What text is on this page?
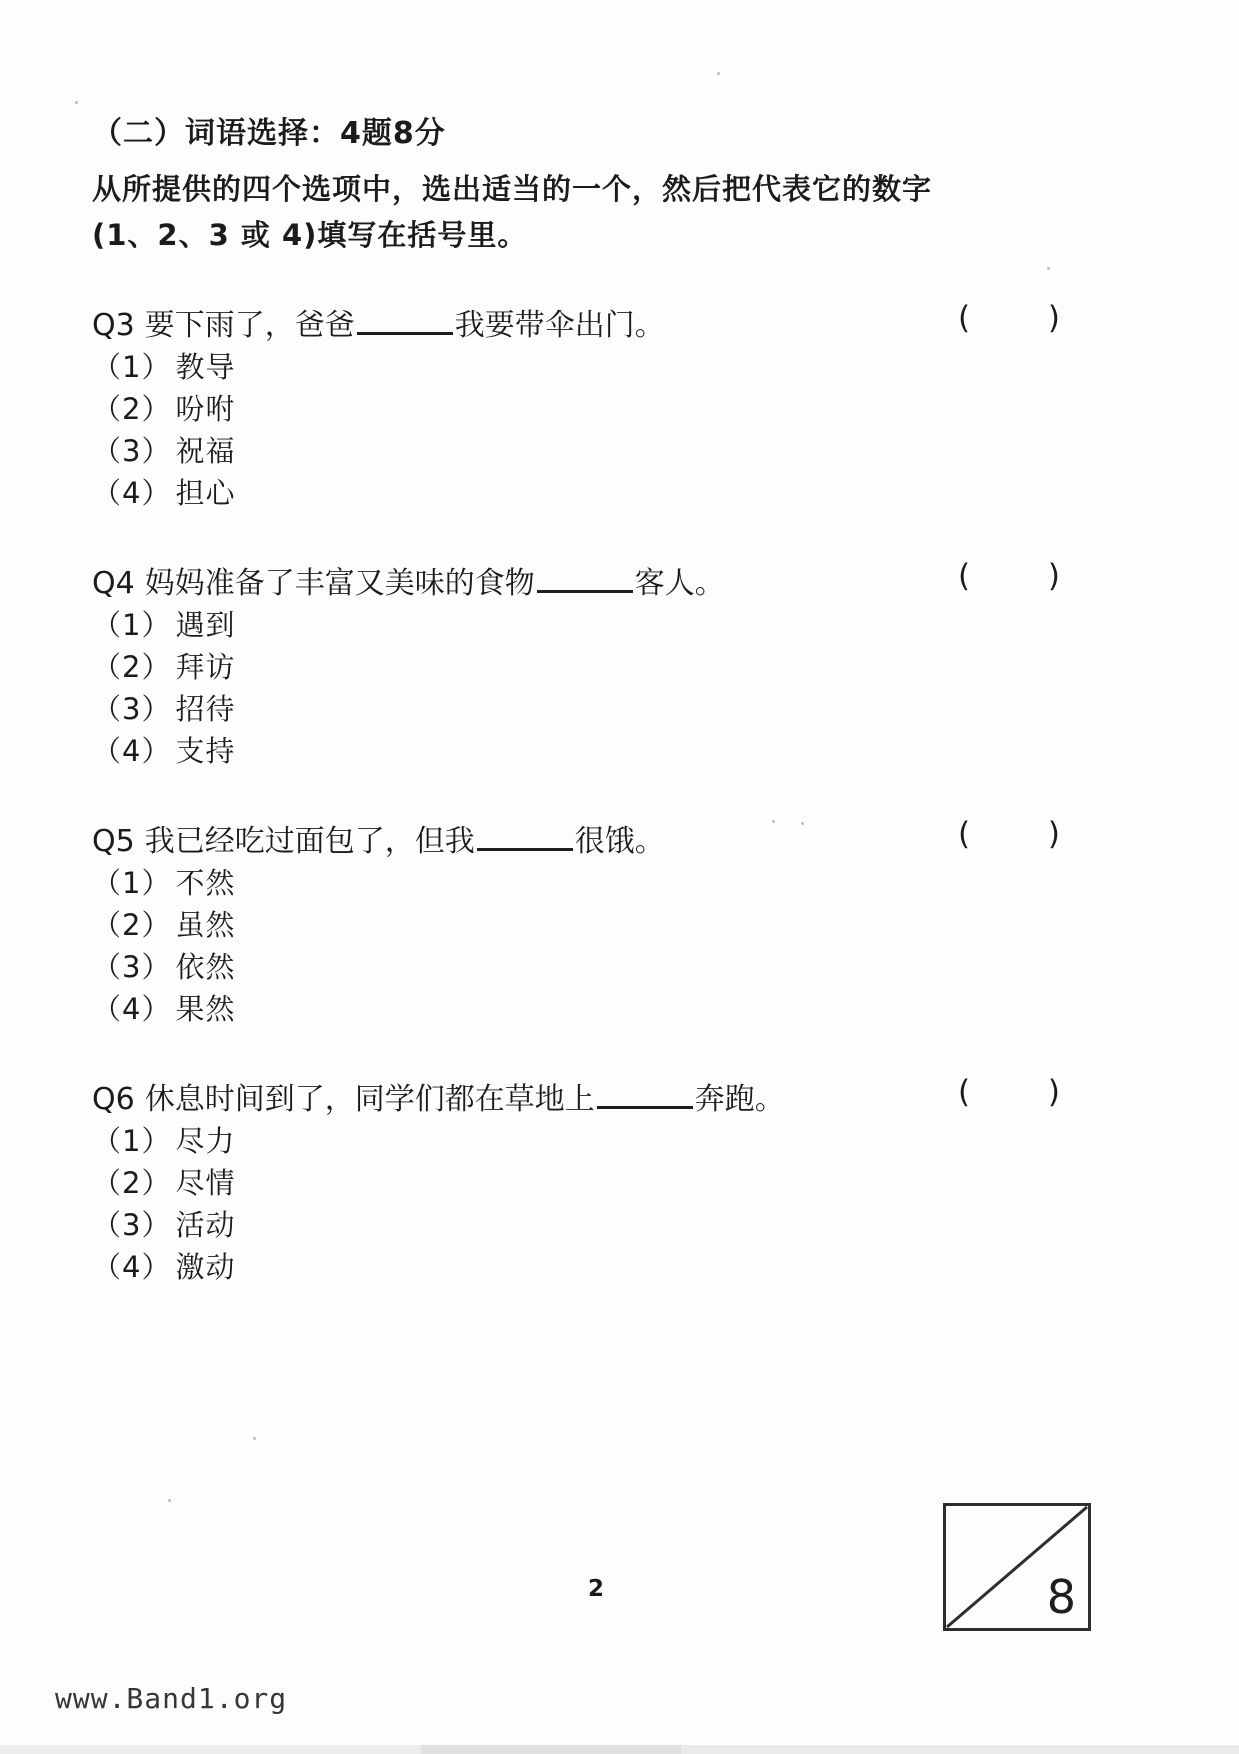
（二）词语选择：4题8分
从所提供的四个选项中，选出适当的一个，然后把代表它的数字
(1、2、3 或 4)填写在括号里。
Q3 要下雨了，爸爸	我要带伞出门。	(	)
（1） 教导
（2） 吩咐
（3） 祝福
（4） 担心
Q4 妈妈准备了丰富又美味的食物	客人。	(	)
（1） 遇到
（2） 拜访
（3） 招待
（4） 支持
Q5 我已经吃过面包了，但我	很饿。	(	)
（1） 不然
（2） 虽然
（3） 依然
（4） 果然
Q6 休息时间到了，同学们都在草地上	奔跑。	(	)
（1） 尽力
（2） 尽情
（3） 活动
（4） 激动
2	8
www.Band1.org
